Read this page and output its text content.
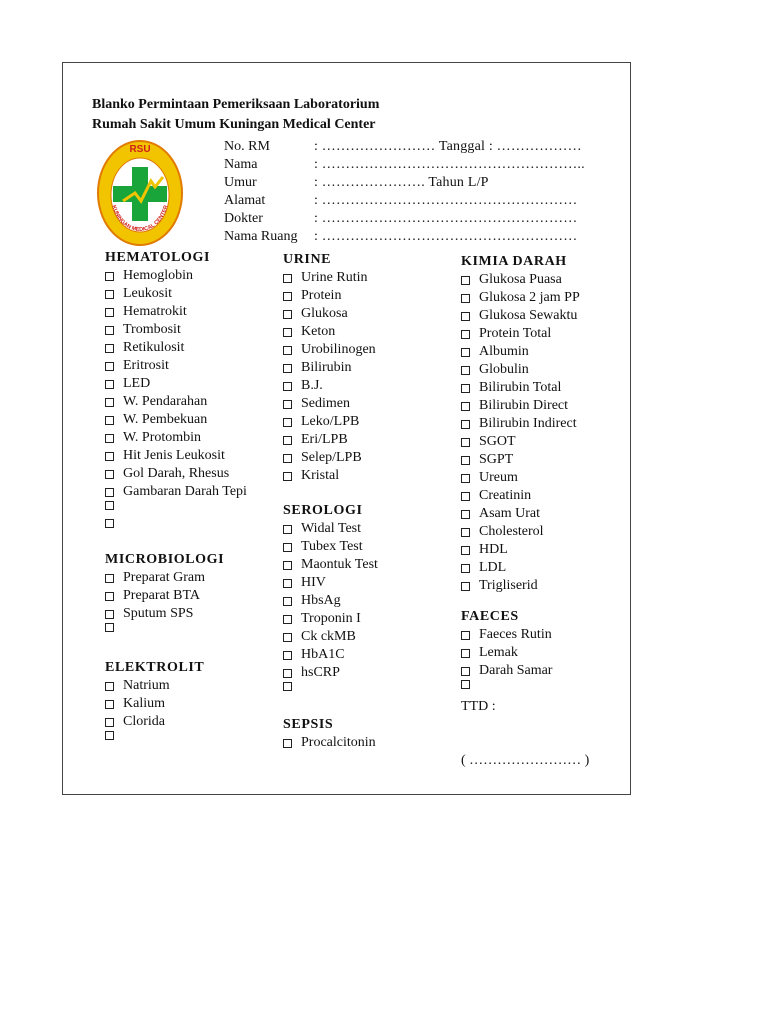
Blanko Permintaan Pemeriksaan Laboratorium
Rumah Sakit Umum Kuningan Medical Center
RSU
KUNINGAN MEDICAL CENTER
No. RM	: …………………… Tanggal : ………………
Nama	: ………………………………………………..
Umur	: …………………. Tahun L/P
Alamat	: ………………………………………………
Dokter	: ………………………………………………
Nama Ruang : ………………………………………………
HEMATOLOGI
Hemoglobin
Leukosit
Hematrokit
Trombosit
Retikulosit
Eritrosit
LED
W. Pendarahan
W. Pembekuan
W. Protombin
Hit Jenis Leukosit
Gol Darah, Rhesus
Gambaran Darah Tepi
MICROBIOLOGI
Preparat Gram
Preparat BTA
Sputum SPS
ELEKTROLIT
Natrium
Kalium
Clorida
URINE
Urine Rutin
Protein
Glukosa
Keton
Urobilinogen
Bilirubin
B.J.
Sedimen
Leko/LPB
Eri/LPB
Selep/LPB
Kristal
SEROLOGI
Widal Test
Tubex Test
Maontuk Test
HIV
HbsAg
Troponin I
Ck ckMB
HbA1C
hsCRP
SEPSIS
Procalcitonin
KIMIA DARAH
Glukosa Puasa
Glukosa 2 jam PP
Glukosa Sewaktu
Protein Total
Albumin
Globulin
Bilirubin Total
Bilirubin Direct
Bilirubin Indirect
SGOT
SGPT
Ureum
Creatinin
Asam Urat
Cholesterol
HDL
LDL
Trigliserid
FAECES
Faeces Rutin
Lemak
Darah Samar
TTD :
( …………………… )
